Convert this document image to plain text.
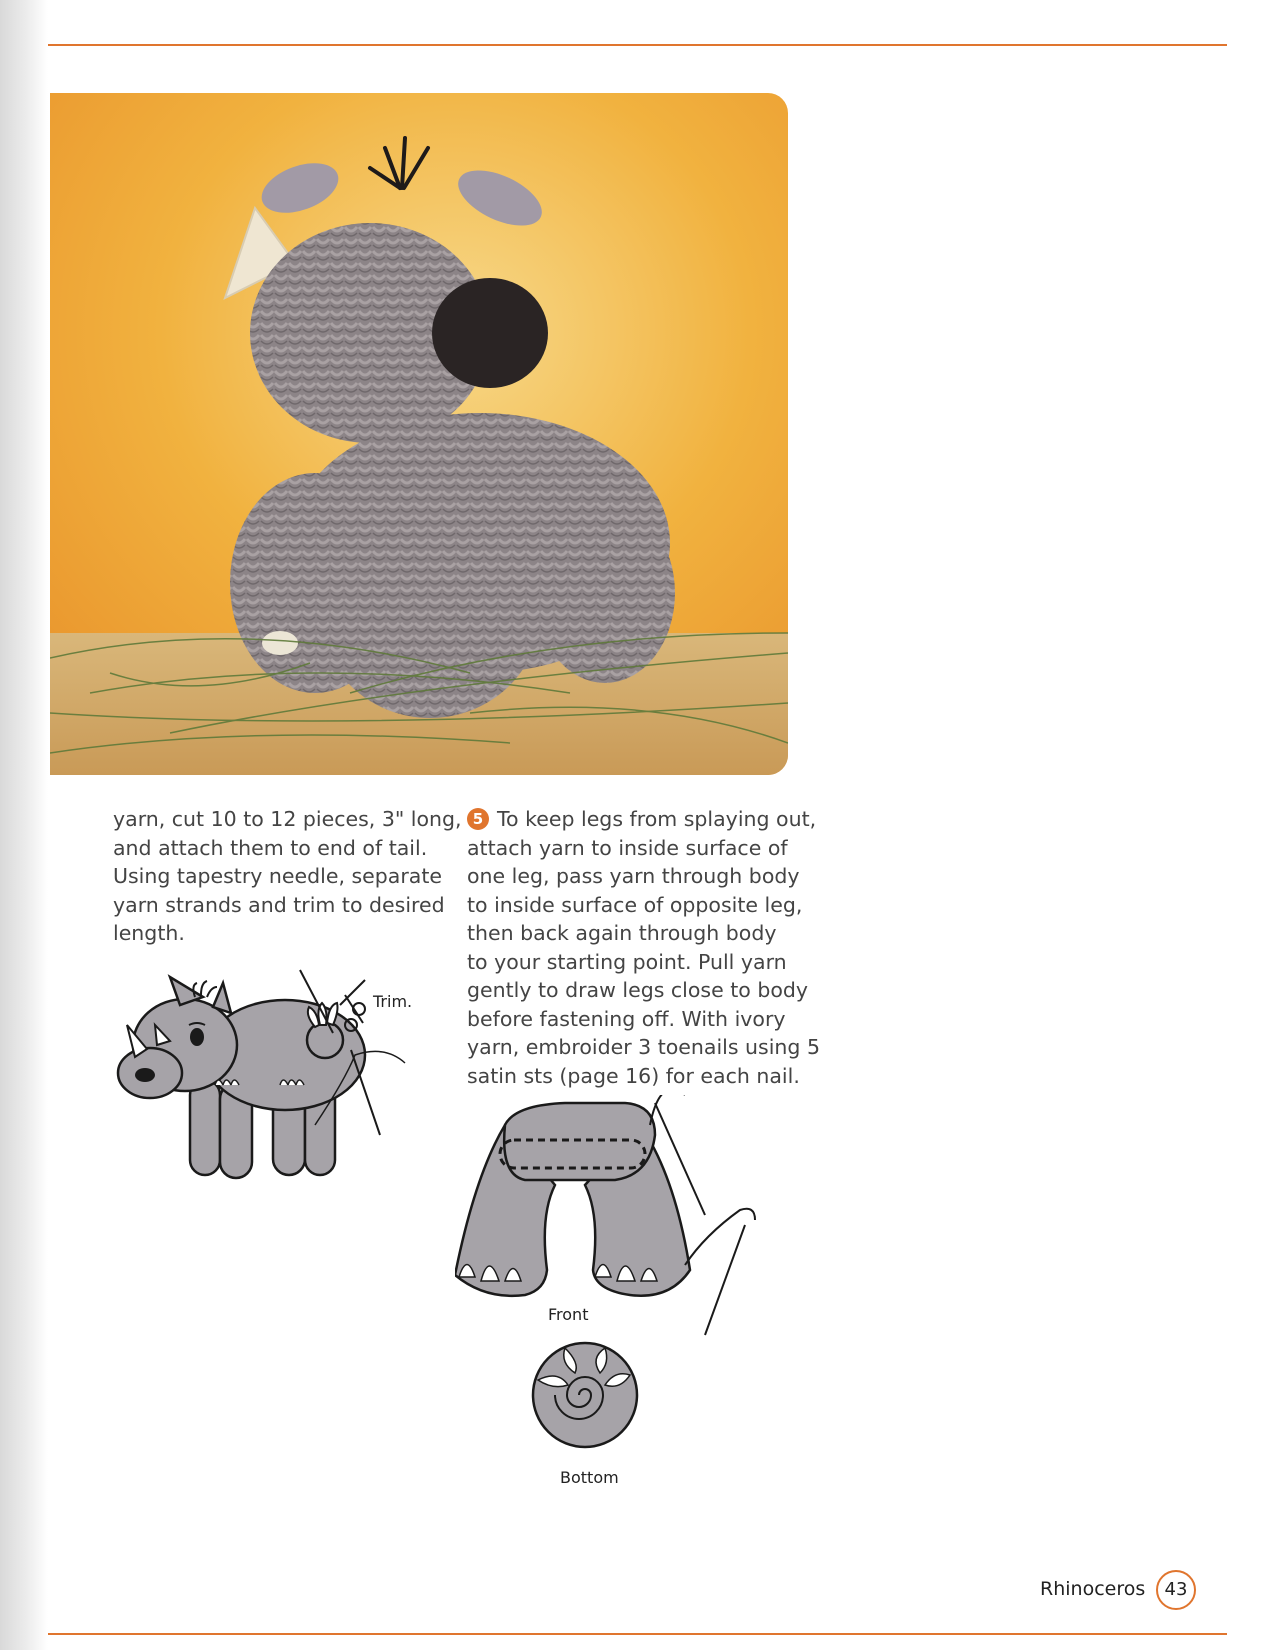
yarn, cut 10 to 12 pieces, 3" long,
and attach them to end of tail.
Using tapestry needle, separate
yarn strands and trim to desired
length.
5 To keep legs from splaying out,
attach yarn to inside surface of
one leg, pass yarn through body
to inside surface of opposite leg,
then back again through body
to your starting point. Pull yarn
gently to draw legs close to body
before fastening off. With ivory
yarn, embroider 3 toenails using 5
satin sts (page 16) for each nail.
Trim.
Front
Bottom
Rhinoceros	43
